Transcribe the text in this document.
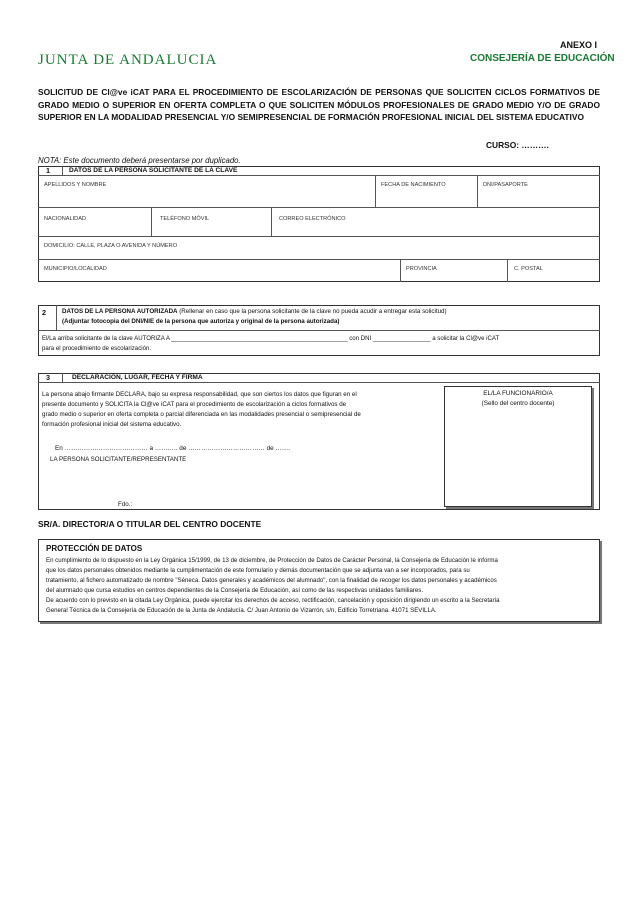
ANEXO I
JUNTA DE ANDALUCIA	CONSEJERÍA DE EDUCACIÓN
SOLICITUD DE Cl@ve iCAT PARA EL PROCEDIMIENTO DE ESCOLARIZACIÓN DE PERSONAS QUE SOLICITEN CICLOS FORMATIVOS DE GRADO MEDIO O SUPERIOR EN OFERTA COMPLETA O QUE SOLICITEN MÓDULOS PROFESIONALES DE GRADO MEDIO Y/O DE GRADO SUPERIOR EN LA MODALIDAD PRESENCIAL Y/O SEMIPRESENCIAL DE FORMACIÓN PROFESIONAL INICIAL DEL SISTEMA EDUCATIVO
CURSO: ……….
NOTA: Este documento deberá presentarse por duplicado.
1	DATOS DE LA PERSONA SOLICITANTE DE LA CLAVE
APELLIDOS Y NOMBRE	FECHA DE NACIMIENTO	DNI/PASAPORTE
NACIONALIDAD	TELÉFONO MÓVIL	CORREO ELECTRÓNICO
DOMICILIO: CALLE, PLAZA O AVENIDA Y NÚMERO
MUNICIPIO/LOCALIDAD	PROVINCIA	C. POSTAL
2	DATOS DE LA PERSONA AUTORIZADA (Rellenar en caso que la persona solicitante de la clave no pueda acudir a entregar esta solicitud)
(Adjuntar fotocopia del DNI/NIE de la persona que autoriza y original de la persona autorizada)
El/La arriba solicitante de la clave AUTORIZA A ____________________________________________________ con DNI _________________ a solicitar la Cl@ve iCAT
para el procedimiento de escolarización.
3	DECLARACIÓN, LUGAR, FECHA Y FIRMA
La persona abajo firmante DECLARA, bajo su expresa responsabilidad, que son ciertos los datos que figuran en el
presente documento y SOLICITA la Cl@ve iCAT para el procedimiento de escolarización a ciclos formativos de
grado medio o superior en oferta completa o parcial diferenciada en las modalidades presencial o semipresencial de
formación profesional inicial del sistema educativo.
En ………………………………… a ……….. de ……………………………… de …….
LA PERSONA SOLICITANTE/REPRESENTANTE
Fdo.:
EL/LA FUNCIONARIO/A
(Sello del centro docente)
SR/A. DIRECTOR/A O TITULAR DEL CENTRO DOCENTE
PROTECCIÓN DE DATOS
En cumplimiento de lo dispuesto en la Ley Orgánica 15/1999, de 13 de diciembre, de Protección de Datos de Carácter Personal, la Consejería de Educación le informa
que los datos personales obtenidos mediante la cumplimentación de este formulario y demás documentación que se adjunta van a ser incorporados, para su
tratamiento, al fichero automatizado de nombre "Séneca. Datos generales y académicos del alumnado", con la finalidad de recoger los datos personales y académicos
del alumnado que cursa estudios en centros dependientes de la Consejería de Educación, así como de las respectivas unidades familiares.
De acuerdo con lo previsto en la citada Ley Orgánica, puede ejercitar los derechos de acceso, rectificación, cancelación y oposición dirigiendo un escrito a la Secretaría
General Técnica de la Consejería de Educación de la Junta de Andalucía. C/ Juan Antonio de Vizarrón, s/n, Edificio Torretriana. 41071 SEVILLA.
